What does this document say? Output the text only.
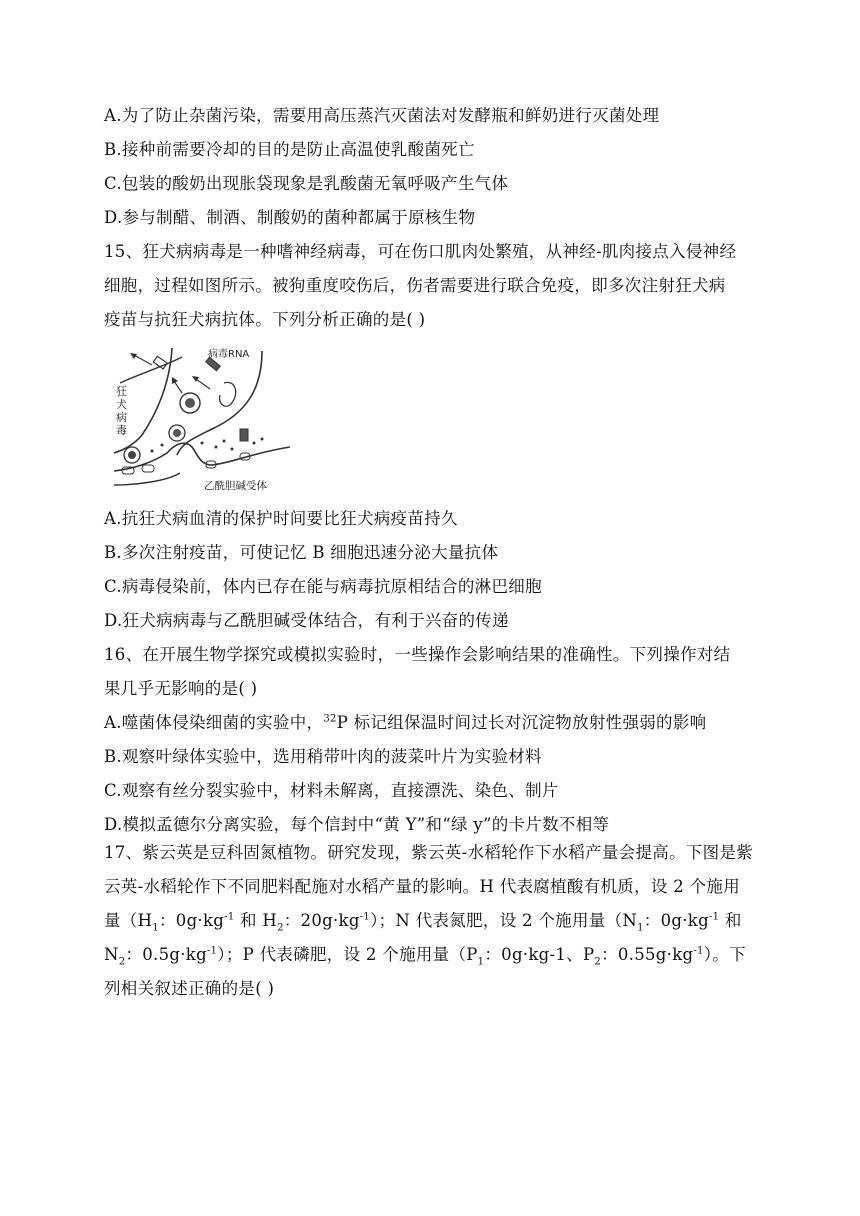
A.为了防止杂菌污染，需要用高压蒸汽灭菌法对发酵瓶和鲜奶进行灭菌处理
B.接种前需要冷却的目的是防止高温使乳酸菌死亡
C.包装的酸奶出现胀袋现象是乳酸菌无氧呼吸产生气体
D.参与制醋、制酒、制酸奶的菌种都属于原核生物
15、狂犬病病毒是一种嗜神经病毒，可在伤口肌肉处繁殖，从神经-肌肉接点入侵神经
细胞，过程如图所示。被狗重度咬伤后，伤者需要进行联合免疫，即多次注射狂犬病
疫苗与抗狂犬病抗体。下列分析正确的是( )
病毒RNA
狂
犬
病
毒
乙酰胆碱受体
A.抗狂犬病血清的保护时间要比狂犬病疫苗持久
B.多次注射疫苗，可使记忆 B 细胞迅速分泌大量抗体
C.病毒侵染前，体内已存在能与病毒抗原相结合的淋巴细胞
D.狂犬病病毒与乙酰胆碱受体结合，有利于兴奋的传递
16、在开展生物学探究或模拟实验时，一些操作会影响结果的准确性。下列操作对结
果几乎无影响的是( )
A.噬菌体侵染细菌的实验中，$^{32}$P 标记组保温时间过长对沉淀物放射性强弱的影响
B.观察叶绿体实验中，选用稍带叶肉的菠菜叶片为实验材料
C.观察有丝分裂实验中，材料未解离，直接漂洗、染色、制片
D.模拟孟德尔分离实验，每个信封中“黄 Y”和“绿 y”的卡片数不相等
17、紫云英是豆科固氮植物。研究发现，紫云英-水稻轮作下水稻产量会提高。下图是紫云英-水稻轮作下不同肥料配施对水稻产量的影响。H 代表腐植酸有机质，设 2 个施用量（$H_1$：$0g\cdot kg^{-1}$ 和 $H_2$：$20g\cdot kg^{-1}$）；N 代表氮肥，设 2 个施用量（$N_1$：$0g\cdot kg^{-1}$ 和 $N_2$：$0.5g\cdot kg^{-1}$）；P 代表磷肥，设 2 个施用量（$P_1$：0g·kg-1、$P_2$：$0.55g\cdot kg^{-1}$）。下列相关叙述正确的是( )
